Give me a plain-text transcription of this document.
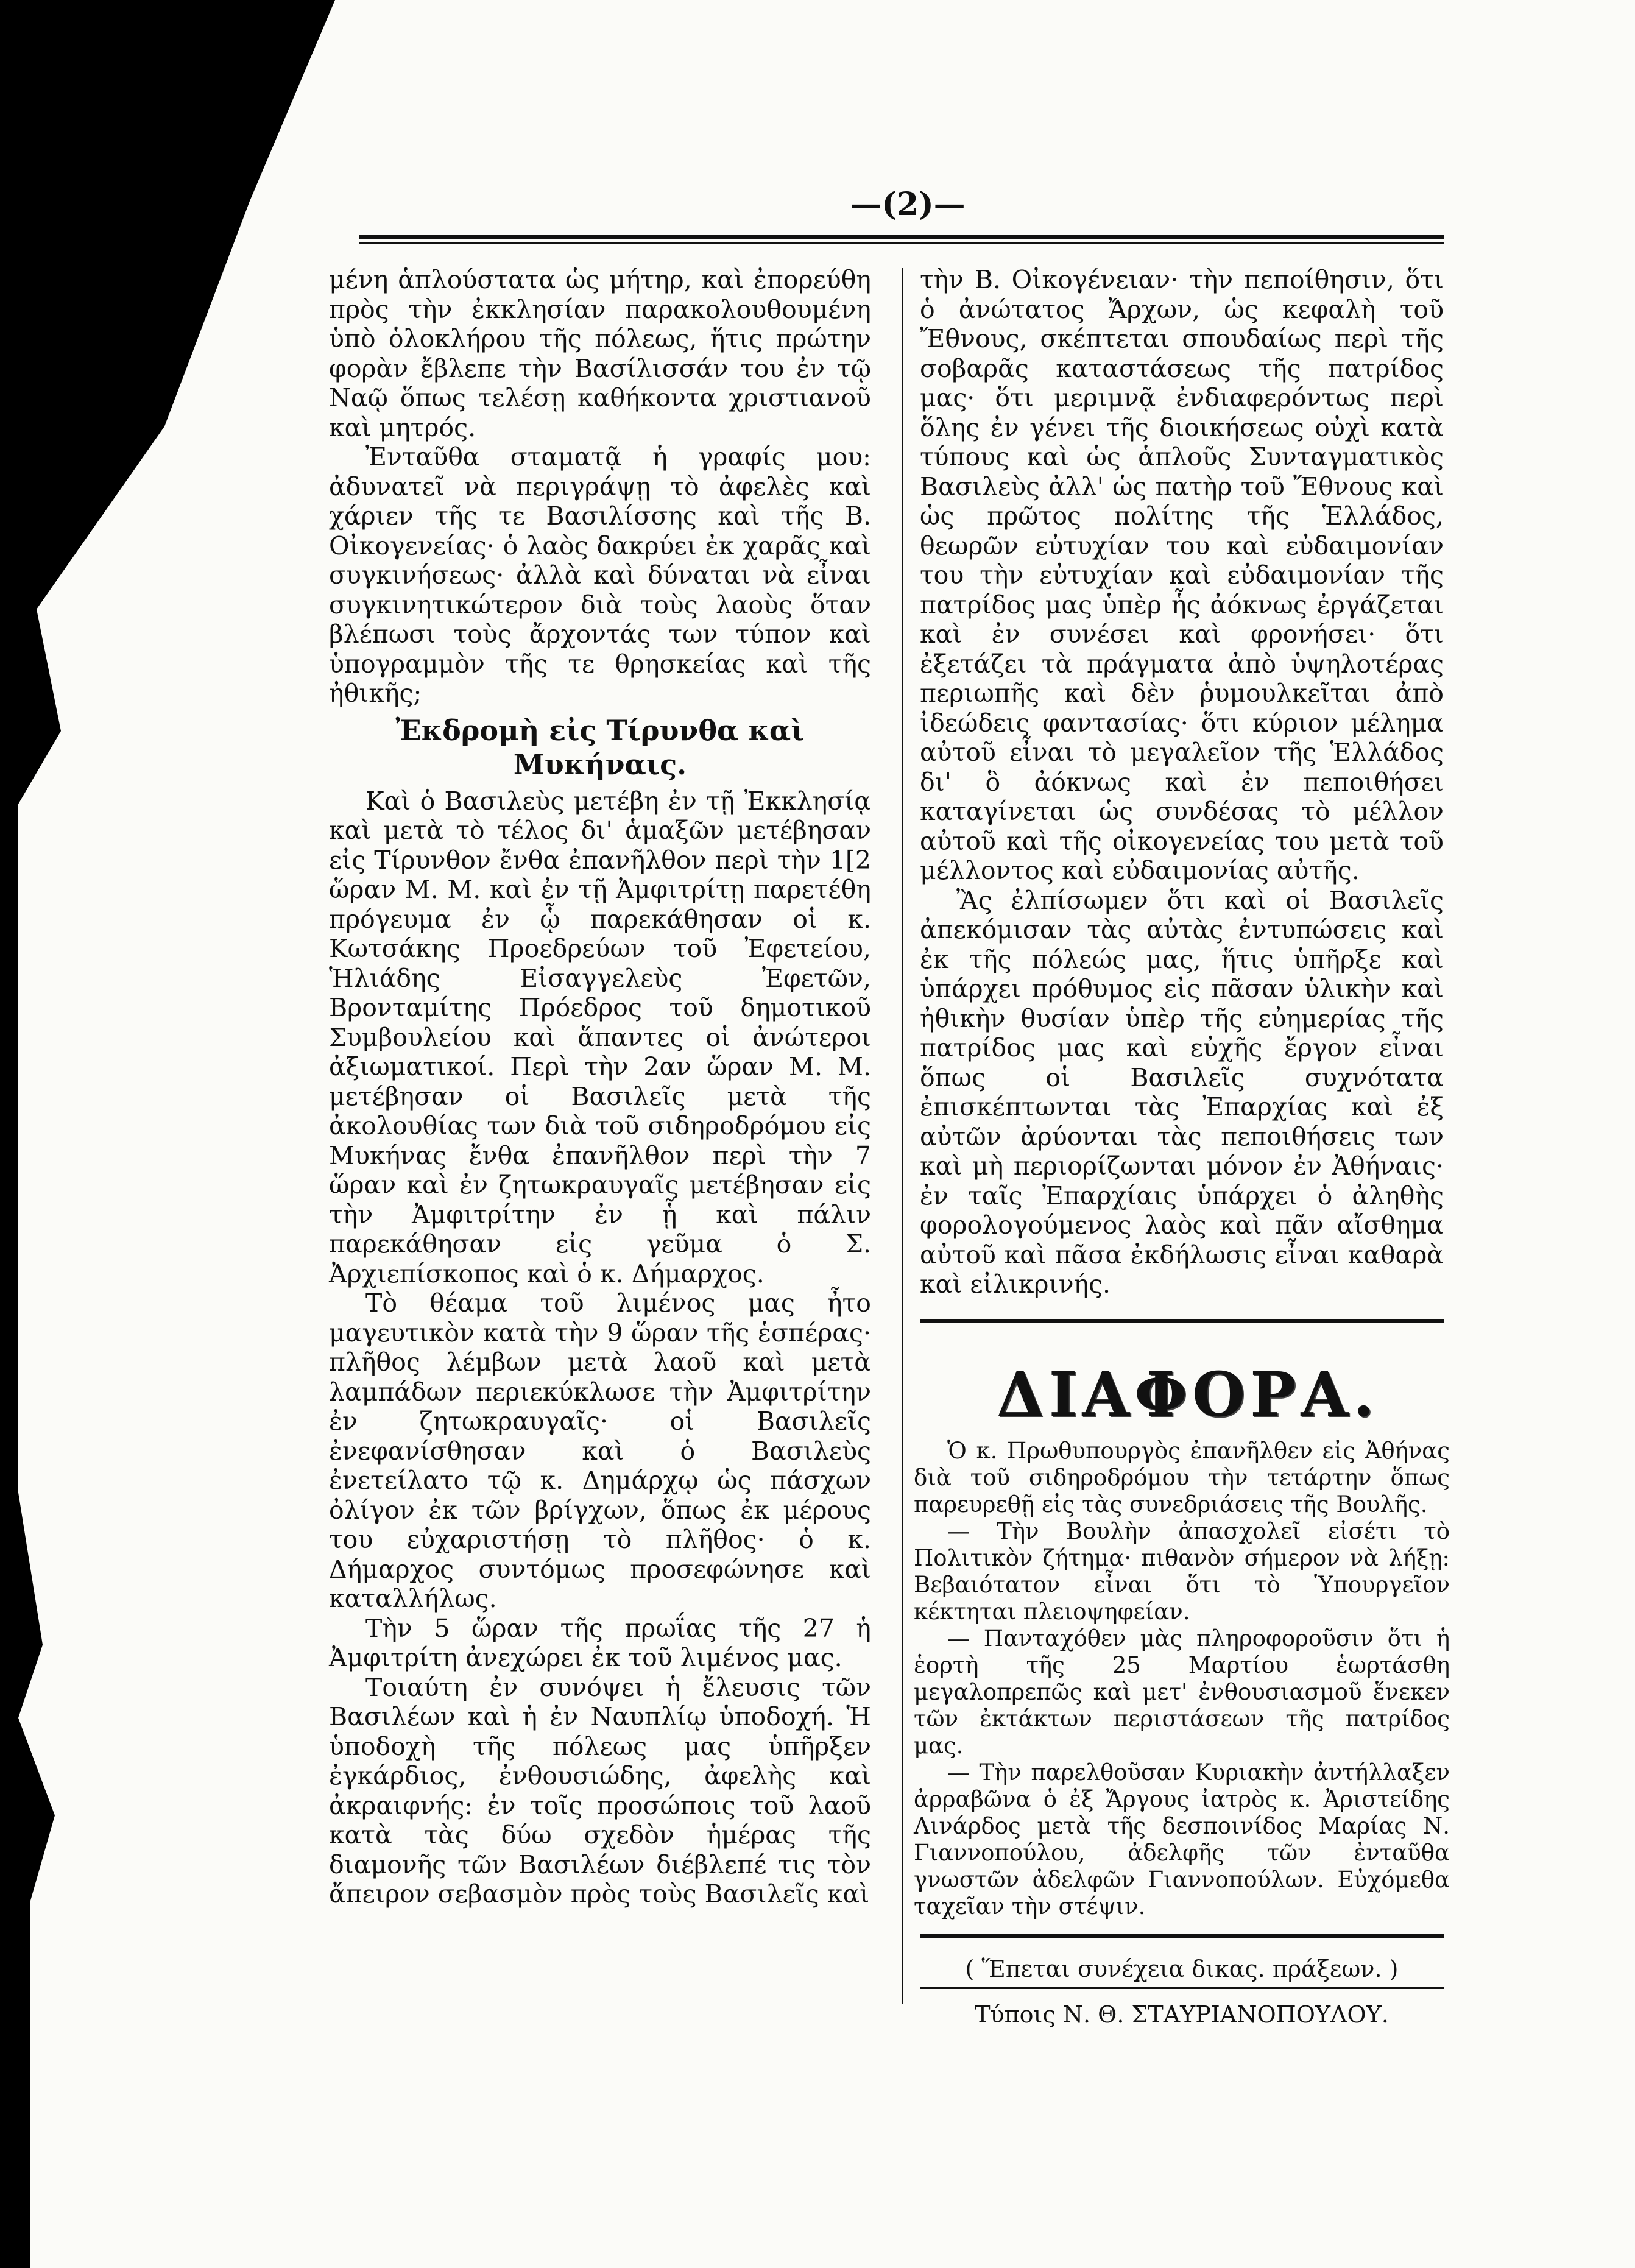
—(2)—

μένη ἁπλούστατα ὡς μήτηρ, καὶ ἐπορεύθη πρὸς τὴν ἐκκλησίαν παρακολουθουμένη ὑπὸ ὁλοκλήρου τῆς πόλεως, ἥτις πρώτην φορὰν ἔβλεπε τὴν Βασίλισσάν του ἐν τῷ Ναῷ ὅπως τελέσῃ καθήκοντα χριστιανοῦ καὶ μητρός.

Ἐνταῦθα σταματᾷ ἡ γραφίς μου: ἀδυνατεῖ νὰ περιγράψῃ τὸ ἀφελὲς καὶ χάριεν τῆς τε Βασιλίσσης καὶ τῆς Β. Οἰκογενείας· ὁ λαὸς δακρύει ἐκ χαρᾶς καὶ συγκινήσεως· ἀλλὰ καὶ δύναται νὰ εἶναι συγκινητικώτερον διὰ τοὺς λαοὺς ὅταν βλέπωσι τοὺς ἄρχοντάς των τύπον καὶ ὑπογραμμὸν τῆς τε θρησκείας καὶ τῆς ἠθικῆς;

Ἐκδρομὴ εἰς Τίρυνθα καὶ Μυκήναις.

Καὶ ὁ Βασιλεὺς μετέβη ἐν τῇ Ἐκκλησίᾳ καὶ μετὰ τὸ τέλος δι' ἁμαξῶν μετέβησαν εἰς Τίρυνθον ἔνθα ἐπανῆλθον περὶ τὴν 1[2 ὥραν Μ. Μ. καὶ ἐν τῇ Ἀμφιτρίτῃ παρετέθη πρόγευμα ἐν ᾧ παρεκάθησαν οἱ κ. Κωτσάκης Προεδρεύων τοῦ Ἐφετείου, Ἡλιάδης Εἰσαγγελεὺς Ἐφετῶν, Βρονταμίτης Πρόεδρος τοῦ δημοτικοῦ Συμβουλείου καὶ ἅπαντες οἱ ἀνώτεροι ἀξιωματικοί. Περὶ τὴν 2αν ὥραν Μ. Μ. μετέβησαν οἱ Βασιλεῖς μετὰ τῆς ἀκολουθίας των διὰ τοῦ σιδηροδρόμου εἰς Μυκήνας ἔνθα ἐπανῆλθον περὶ τὴν 7 ὥραν καὶ ἐν ζητωκραυγαῖς μετέβησαν εἰς τὴν Ἀμφιτρίτην ἐν ᾗ καὶ πάλιν παρεκάθησαν εἰς γεῦμα ὁ Σ. Ἀρχιεπίσκοπος καὶ ὁ κ. Δήμαρχος.

Τὸ θέαμα τοῦ λιμένος μας ἦτο μαγευτικὸν κατὰ τὴν 9 ὥραν τῆς ἑσπέρας· πλῆθος λέμβων μετὰ λαοῦ καὶ μετὰ λαμπάδων περιεκύκλωσε τὴν Ἀμφιτρίτην ἐν ζητωκραυγαῖς· οἱ Βασιλεῖς ἐνεφανίσθησαν καὶ ὁ Βασιλεὺς ἐνετείλατο τῷ κ. Δημάρχῳ ὡς πάσχων ὀλίγον ἐκ τῶν βρίγχων, ὅπως ἐκ μέρους του εὐχαριστήσῃ τὸ πλῆθος· ὁ κ. Δήμαρχος συντόμως προσεφώνησε καὶ καταλλήλως.

Τὴν 5 ὥραν τῆς πρωΐας τῆς 27 ἡ Ἀμφιτρίτη ἀνεχώρει ἐκ τοῦ λιμένος μας.

Τοιαύτη ἐν συνόψει ἡ ἔλευσις τῶν Βασιλέων καὶ ἡ ἐν Ναυπλίῳ ὑποδοχή. Ἡ ὑποδοχὴ τῆς πόλεως μας ὑπῆρξεν ἐγκάρδιος, ἐνθουσιώδης, ἀφελὴς καὶ ἀκραιφνής: ἐν τοῖς προσώποις τοῦ λαοῦ κατὰ τὰς δύω σχεδὸν ἡμέρας τῆς διαμονῆς τῶν Βασιλέων διέβλεπέ τις τὸν ἄπειρον σεβασμὸν πρὸς τοὺς Βασιλεῖς καὶ

τὴν Β. Οἰκογένειαν· τὴν πεποίθησιν, ὅτι ὁ ἀνώτατος Ἄρχων, ὡς κεφαλὴ τοῦ Ἔθνους, σκέπτεται σπουδαίως περὶ τῆς σοβαρᾶς καταστάσεως τῆς πατρίδος μας· ὅτι μεριμνᾷ ἐνδιαφερόντως περὶ ὅλης ἐν γένει τῆς διοικήσεως οὐχὶ κατὰ τύπους καὶ ὡς ἁπλοῦς Συνταγματικὸς Βασιλεὺς ἀλλ' ὡς πατὴρ τοῦ Ἔθνους καὶ ὡς πρῶτος πολίτης τῆς Ἑλλάδος, θεωρῶν εὐτυχίαν του καὶ εὐδαιμονίαν του τὴν εὐτυχίαν καὶ εὐδαιμονίαν τῆς πατρίδος μας ὑπὲρ ἧς ἀόκνως ἐργάζεται καὶ ἐν συνέσει καὶ φρονήσει· ὅτι ἐξετάζει τὰ πράγματα ἀπὸ ὑψηλοτέρας περιωπῆς καὶ δὲν ῥυμουλκεῖται ἀπὸ ἰδεώδεις φαντασίας· ὅτι κύριον μέλημα αὐτοῦ εἶναι τὸ μεγαλεῖον τῆς Ἑλλάδος δι' ὃ ἀόκνως καὶ ἐν πεποιθήσει καταγίνεται ὡς συνδέσας τὸ μέλλον αὐτοῦ καὶ τῆς οἰκογενείας του μετὰ τοῦ μέλλοντος καὶ εὐδαιμονίας αὐτῆς.

Ἂς ἐλπίσωμεν ὅτι καὶ οἱ Βασιλεῖς ἀπεκόμισαν τὰς αὐτὰς ἐντυπώσεις καὶ ἐκ τῆς πόλεώς μας, ἥτις ὑπῆρξε καὶ ὑπάρχει πρόθυμος εἰς πᾶσαν ὑλικὴν καὶ ἠθικὴν θυσίαν ὑπὲρ τῆς εὐημερίας τῆς πατρίδος μας καὶ εὐχῆς ἔργον εἶναι ὅπως οἱ Βασιλεῖς συχνότατα ἐπισκέπτωνται τὰς Ἐπαρχίας καὶ ἐξ αὐτῶν ἀρύονται τὰς πεποιθήσεις των καὶ μὴ περιορίζωνται μόνον ἐν Ἀθήναις· ἐν ταῖς Ἐπαρχίαις ὑπάρχει ὁ ἀληθὴς φορολογούμενος λαὸς καὶ πᾶν αἴσθημα αὐτοῦ καὶ πᾶσα ἐκδήλωσις εἶναι καθαρὰ καὶ εἰλικρινής.

ΔΙΑΦΟΡΑ.

Ὁ κ. Πρωθυπουργὸς ἐπανῆλθεν εἰς Ἀθήνας διὰ τοῦ σιδηροδρόμου τὴν τετάρτην ὅπως παρευρεθῇ εἰς τὰς συνεδριάσεις τῆς Βουλῆς.

— Τὴν Βουλὴν ἀπασχολεῖ εἰσέτι τὸ Πολιτικὸν ζήτημα· πιθανὸν σήμερον νὰ λήξῃ: Βεβαιότατον εἶναι ὅτι τὸ Ὑπουργεῖον κέκτηται πλειοψηφείαν.

— Πανταχόθεν μὰς πληροφοροῦσιν ὅτι ἡ ἑορτὴ τῆς 25 Μαρτίου ἑωρτάσθη μεγαλοπρεπῶς καὶ μετ' ἐνθουσιασμοῦ ἕνεκεν τῶν ἐκτάκτων περιστάσεων τῆς πατρίδος μας.

— Τὴν παρελθοῦσαν Κυριακὴν ἀντήλλαξεν ἀρραβῶνα ὁ ἐξ Ἄργους ἰατρὸς κ. Ἀριστείδης Λινάρδος μετὰ τῆς δεσποινίδος Μαρίας Ν. Γιαννοπούλου, ἀδελφῆς τῶν ἐνταῦθα γνωστῶν ἀδελφῶν Γιαννοπούλων. Εὐχόμεθα ταχεῖαν τὴν στέψιν.

( Ἕπεται συνέχεια δικας. πράξεων. )
Τύποις Ν. Θ. ΣΤΑΥΡΙΑΝΟΠΟΥΛΟΥ.
